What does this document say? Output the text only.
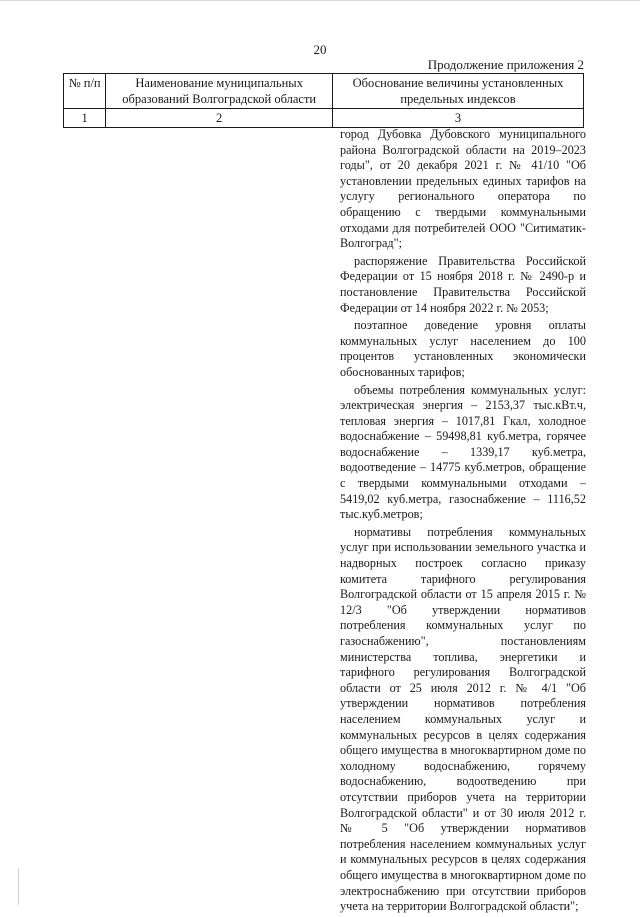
20
Продолжение приложения 2
№ п/п	Наименование муниципальных образований Волгоградской области	Обоснование величины установленных предельных индексов
1	2	3

город Дубовка Дубовского муниципального района Волгоградской области на 2019–2023 годы", от 20 декабря 2021 г. № 41/10 "Об установлении предельных единых тарифов на услугу регионального оператора по обращению с твердыми коммунальными отходами для потребителей ООО "Ситиматик-Волгоград";

распоряжение Правительства Российской Федерации от 15 ноября 2018 г. № 2490-р и постановление Правительства Российской Федерации от 14 ноября 2022 г. № 2053;

поэтапное доведение уровня оплаты коммунальных услуг населением до 100 процентов установленных экономически обоснованных тарифов;

объемы потребления коммунальных услуг: электрическая энергия – 2153,37 тыс.кВт.ч, тепловая энергия – 1017,81 Гкал, холодное водоснабжение – 59498,81 куб.метра, горячее водоснабжение – 1339,17 куб.метра, водоотведение – 14775 куб.метров, обращение с твердыми коммунальными отходами – 5419,02 куб.метра, газоснабжение – 1116,52 тыс.куб.метров;

нормативы потребления коммунальных услуг при использовании земельного участка и надворных построек согласно приказу комитета тарифного регулирования Волгоградской области от 15 апреля 2015 г. № 12/3 "Об утверждении нормативов потребления коммунальных услуг по газоснабжению", постановлениям министерства топлива, энергетики и тарифного регулирования Волгоградской области от 25 июля 2012 г. № 4/1 "Об утверждении нормативов потребления населением коммунальных услуг и коммунальных ресурсов в целях содержания общего имущества в многоквартирном доме по холодному водоснабжению, горячему водоснабжению, водоотведению при отсутствии приборов учета на территории Волгоградской области" и от 30 июля 2012 г. № 5 "Об утверждении нормативов потребления населением коммунальных услуг и коммунальных ресурсов в целях содержания общего имущества в многоквартирном доме по электроснабжению при отсутствии приборов учета на территории Волгоградской области";
